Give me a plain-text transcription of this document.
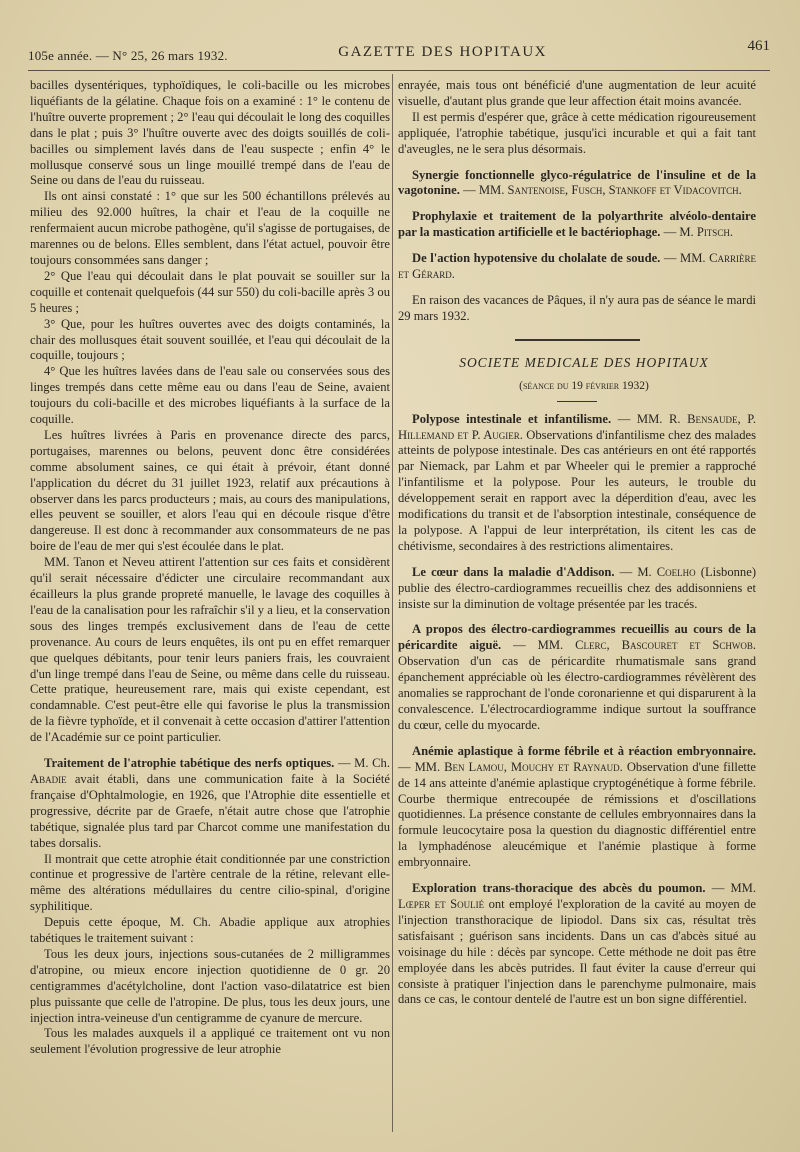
105e année. — N° 25, 26 mars 1932.	GAZETTE DES HOPITAUX	461

bacilles dysentériques, typhoïdiques, le coli-bacille ou les microbes liquéfiants de la gélatine. Chaque fois on a examiné : 1° le contenu de l'huître ouverte proprement ; 2° l'eau qui découlait le long des coquilles dans le plat ; puis 3° l'huître ouverte avec des doigts souillés de coli-bacilles ou simplement lavés dans de l'eau suspecte ; enfin 4° le mollusque conservé sous un linge mouillé trempé dans de l'eau de Seine ou dans de l'eau du ruisseau.

Ils ont ainsi constaté : 1° que sur les 500 échantillons prélevés au milieu des 92.000 huîtres, la chair et l'eau de la coquille ne renfermaient aucun microbe pathogène, qu'il s'agisse de portugaises, de marennes ou de belons. Elles semblent, dans l'état actuel, pouvoir être toujours consommées sans danger ;

2° Que l'eau qui découlait dans le plat pouvait se souiller sur la coquille et contenait quelquefois (44 sur 550) du coli-bacille après 3 ou 5 heures ;

3° Que, pour les huîtres ouvertes avec des doigts contaminés, la chair des mollusques était souvent souillée, et l'eau qui découlait de la coquille, toujours ;

4° Que les huîtres lavées dans de l'eau sale ou conservées sous des linges trempés dans cette même eau ou dans l'eau de Seine, avaient toujours du coli-bacille et des microbes liquéfiants à la surface de la coquille.

Les huîtres livrées à Paris en provenance directe des parcs, portugaises, marennes ou belons, peuvent donc être considérées comme absolument saines, ce qui était à prévoir, étant donné l'application du décret du 31 juillet 1923, relatif aux précautions à observer dans les parcs producteurs ; mais, au cours des manipulations, elles peuvent se souiller, et alors l'eau qui en découle risque d'être dangereuse. Il est donc à recommander aux consommateurs de ne pas boire de l'eau de mer qui s'est écoulée dans le plat.

MM. Tanon et Neveu attirent l'attention sur ces faits et considèrent qu'il serait nécessaire d'édicter une circulaire recommandant aux écailleurs la plus grande propreté manuelle, le lavage des coquilles à l'eau de la canalisation pour les rafraîchir s'il y a lieu, et la conservation sous des linges trempés exclusivement dans de l'eau de cette provenance. Au cours de leurs enquêtes, ils ont pu en effet remarquer que quelques débitants, pour tenir leurs paniers frais, les couvraient d'un linge trempé dans l'eau de Seine, ou même dans celle du ruisseau. Cette pratique, heureusement rare, mais qui existe cependant, est condamnable. C'est peut-être elle qui favorise le plus la transmission de la fièvre typhoïde, et il convenait à cette occasion d'attirer l'attention de l'Académie sur ce point particulier.

Traitement de l'atrophie tabétique des nerfs optiques. — M. Ch. Abadie avait établi, dans une communication faite à la Société française d'Ophtalmologie, en 1926, que l'Atrophie dite essentielle et progressive, décrite par de Graefe, n'était autre chose que l'atrophie tabétique, signalée plus tard par Charcot comme une manifestation du tabes dorsalis.

Il montrait que cette atrophie était conditionnée par une constriction continue et progressive de l'artère centrale de la rétine, relevant elle-même des altérations médullaires du centre cilio-spinal, d'origine syphilitique.

Depuis cette époque, M. Ch. Abadie applique aux atrophies tabétiques le traitement suivant :

Tous les deux jours, injections sous-cutanées de 2 milligrammes d'atropine, ou mieux encore injection quotidienne de 0 gr. 20 centigrammes d'acétylcholine, dont l'action vaso-dilatatrice est bien plus puissante que celle de l'atropine. De plus, tous les deux jours, une injection intra-veineuse d'un centigramme de cyanure de mercure.

Tous les malades auxquels il a appliqué ce traitement ont vu non seulement l'évolution progressive de leur atrophie

enrayée, mais tous ont bénéficié d'une augmentation de leur acuité visuelle, d'autant plus grande que leur affection était moins avancée.

Il est permis d'espérer que, grâce à cette médication rigoureusement appliquée, l'atrophie tabétique, jusqu'ici incurable et qui a fait tant d'aveugles, ne le sera plus désormais.

Synergie fonctionnelle glyco-régulatrice de l'insuline et de la vagotonine. — MM. Santenoise, Fusch, Stankoff et Vidacovitch.

Prophylaxie et traitement de la polyarthrite alvéolo-dentaire par la mastication artificielle et le bactériophage. — M. Pitsch.

De l'action hypotensive du cholalate de soude. — MM. Carrière et Gérard.

En raison des vacances de Pâques, il n'y aura pas de séance le mardi 29 mars 1932.

SOCIETE MEDICALE DES HOPITAUX

(séance du 19 février 1932)

Polypose intestinale et infantilisme. — MM. R. Bensaude, P. Hillemand et P. Augier. Observations d'infantilisme chez des malades atteints de polypose intestinale. Des cas antérieurs en ont été rapportés par Niemack, par Lahm et par Wheeler qui le premier a rapproché l'infantilisme et la polypose. Pour les auteurs, le trouble du développement serait en rapport avec la déperdition d'eau, avec les modifications du transit et de l'absorption intestinale, conséquence de la polypose. A l'appui de leur interprétation, ils citent les cas de chétivisme, secondaires à des restrictions alimentaires.

Le cœur dans la maladie d'Addison. — M. Coelho (Lisbonne) publie des électro-cardiogrammes recueillis chez des addisonniens et insiste sur la diminution de voltage présentée par les tracés.

A propos des électro-cardiogrammes recueillis au cours de la péricardite aiguë. — MM. Clerc, Bascouret et Schwob. Observation d'un cas de péricardite rhumatismale sans grand épanchement appréciable où les électro-cardiogrammes révèlèrent des anomalies se rapprochant de l'onde coronarienne et qui disparurent à la convalescence. L'électrocardiogramme indique surtout la souffrance du cœur, celle du myocarde.

Anémie aplastique à forme fébrile et à réaction embryonnaire. — MM. Ben Lamou, Mouchy et Raynaud. Observation d'une fillette de 14 ans atteinte d'anémie aplastique cryptogénétique à forme fébrile. Courbe thermique entrecoupée de rémissions et d'oscillations quotidiennes. La présence constante de cellules embryonnaires dans la formule leucocytaire posa la question du diagnostic différentiel entre la lymphadénose aleucémique et l'anémie plastique à forme embryonnaire.

Exploration trans-thoracique des abcès du poumon. — MM. Lœper et Soulié ont employé l'exploration de la cavité au moyen de l'injection transthoracique de lipiodol. Dans six cas, résultat très satisfaisant ; guérison sans incidents. Dans un cas d'abcès situé au voisinage du hile : décès par syncope. Cette méthode ne doit pas être employée dans les abcès putrides. Il faut éviter la cause d'erreur qui consiste à pratiquer l'injection dans le parenchyme pulmonaire, mais dans ce cas, le contour dentelé de l'autre est un bon signe différentiel.
